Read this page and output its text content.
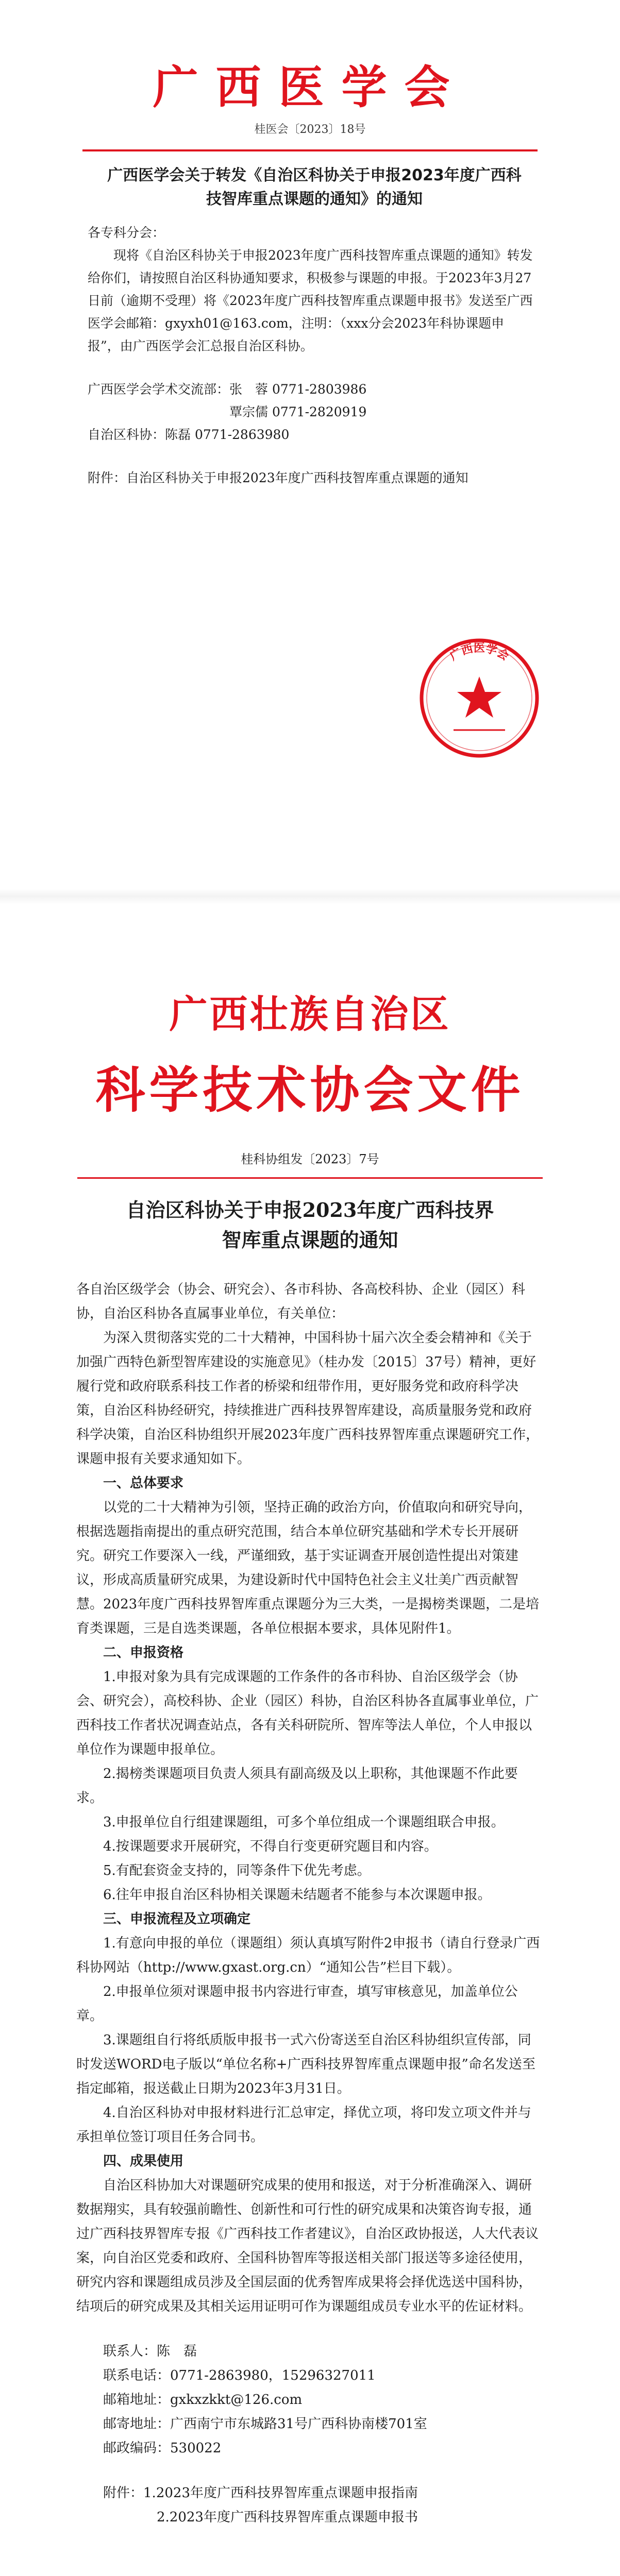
广西医学会
桂医会〔2023〕18号
广西医学会关于转发《自治区科协关于申报2023年度广西科技智库重点课题的通知》的通知

各专科分会：

现将《自治区科协关于申报2023年度广西科技智库重点课题的通知》转发给你们，请按照自治区科协通知要求，积极参与课题的申报。于2023年3月27日前（逾期不受理）将《2023年度广西科技智库重点课题申报书》发送至广西医学会邮箱：gxyxh01@163.com，注明：（xxx分会2023年科协课题申报”，由广西医学会汇总报自治区科协。

广西医学会学术交流部：张　蓉 0771-2803986

　　　　　　　　　　　覃宗儒 0771-2820919

自治区科协：陈磊 0771-2863980

附件： 自治区科协关于申报2023年度广西科技智库重点课题的通知
广西医学会
广西壮族自治区
科学技术协会文件
桂科协组发〔2023〕7号
自治区科协关于申报2023年度广西科技界
智库重点课题的通知

各自治区级学会（协会、研究会）、各市科协、各高校科协、企业（园区）科协，自治区科协各直属事业单位，有关单位：

为深入贯彻落实党的二十大精神，中国科协十届六次全委会精神和《关于加强广西特色新型智库建设的实施意见》（桂办发〔2015〕37号）精神，更好履行党和政府联系科技工作者的桥梁和纽带作用，更好服务党和政府科学决策，自治区科协经研究，持续推进广西科技界智库建设，高质量服务党和政府科学决策，自治区科协组织开展2023年度广西科技界智库重点课题研究工作，课题申报有关要求通知如下。

一、总体要求

以党的二十大精神为引领，坚持正确的政治方向，价值取向和研究导向，根据选题指南提出的重点研究范围，结合本单位研究基础和学术专长开展研究。研究工作要深入一线，严谨细致，基于实证调查开展创造性提出对策建议，形成高质量研究成果，为建设新时代中国特色社会主义壮美广西贡献智慧。2023年度广西科技界智库重点课题分为三大类，一是揭榜类课题，二是培育类课题，三是自选类课题，各单位根据本要求，具体见附件1。

二、申报资格

1.申报对象为具有完成课题的工作条件的各市科协、自治区级学会（协会、研究会），高校科协、企业（园区）科协，自治区科协各直属事业单位，广西科技工作者状况调查站点，各有关科研院所、智库等法人单位，个人申报以单位作为课题申报单位。

2.揭榜类课题项目负责人须具有副高级及以上职称，其他课题不作此要求。

3.申报单位自行组建课题组，可多个单位组成一个课题组联合申报。

4.按课题要求开展研究，不得自行变更研究题目和内容。

5.有配套资金支持的，同等条件下优先考虑。

6.往年申报自治区科协相关课题未结题者不能参与本次课题申报。

三、申报流程及立项确定

1.有意向申报的单位（课题组）须认真填写附件2申报书（请自行登录广西科协网站（http://www.gxast.org.cn）“通知公告”栏目下载）。

2.申报单位须对课题申报书内容进行审查，填写审核意见，加盖单位公章。

3.课题组自行将纸质版申报书一式六份寄送至自治区科协组织宣传部，同时发送WORD电子版以“单位名称+广西科技界智库重点课题申报”命名发送至指定邮箱，报送截止日期为2023年3月31日。

4.自治区科协对申报材料进行汇总审定，择优立项，将印发立项文件并与承担单位签订项目任务合同书。

四、成果使用

自治区科协加大对课题研究成果的使用和报送，对于分析准确深入、调研数据翔实，具有较强前瞻性、创新性和可行性的研究成果和决策咨询专报，通过广西科技界智库专报《广西科技工作者建议》，自治区政协报送，人大代表议案，向自治区党委和政府、全国科协智库等报送相关部门报送等多途径使用，研究内容和课题组成员涉及全国层面的优秀智库成果将会择优选送中国科协，结项后的研究成果及其相关运用证明可作为课题组成员专业水平的佐证材料。

联系人：陈　磊

联系电话：0771-2863980，15296327011

邮箱地址：gxkxzkkt@126.com

邮寄地址：广西南宁市东城路31号广西科协南楼701室

邮政编码：530022

附件：1.2023年度广西科技界智库重点课题申报指南

2.2023年度广西科技界智库重点课题申报书
